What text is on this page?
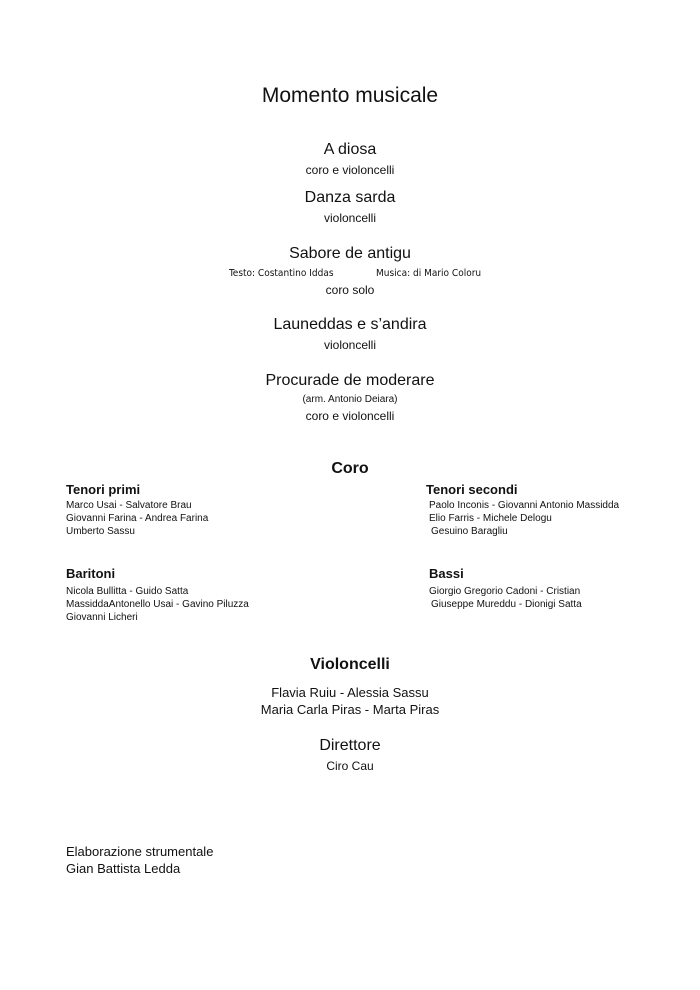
Momento musicale
A diosa
coro e violoncelli
Danza sarda
violoncelli
Sabore de antigu
Testo: Costantino Iddas	Musica: di Mario Coloru
coro solo
Launeddas e s’andira
violoncelli
Procurade de moderare
(arm. Antonio Deiara)
coro e violoncelli
Coro
Tenori primi
Marco Usai - Salvatore Brau
Giovanni Farina - Andrea Farina
Umberto Sassu
Tenori secondi
Paolo Inconis - Giovanni Antonio Massidda
Elio Farris - Michele Delogu
Gesuino Baragliu
Baritoni
Nicola Bullitta - Guido Satta
MassiddaAntonello Usai - Gavino Piluzza
Giovanni Licheri
Bassi
Giorgio Gregorio Cadoni - Cristian
Giuseppe Mureddu - Dionigi Satta
Violoncelli
Flavia Ruiu - Alessia Sassu
Maria Carla Piras - Marta Piras
Direttore
Ciro Cau
Elaborazione strumentale
Gian Battista Ledda
